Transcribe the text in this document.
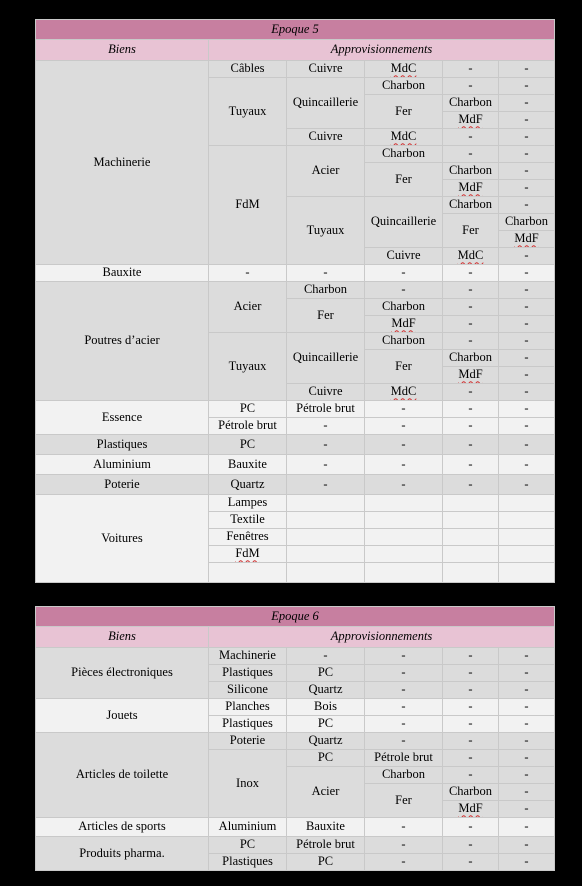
Epoque 5					
Biens	Approvisionnements				
Machinerie	Câbles	Cuivre	MdC	-	-
	Tuyaux	Quincaillerie	Charbon	-	-
			Fer	Charbon	-
				MdF	-
		Cuivre	MdC	-	-
	FdM	Acier	Charbon	-	-
			Fer	Charbon	-
				MdF	-
		Tuyaux	Quincaillerie	Charbon	-
				Fer	Charbon
					MdF
			Cuivre	MdC	-
Bauxite	-	-	-	-	-
Poutres d’acier	Acier	Charbon	-	-	-
		Fer	Charbon	-	-
			MdF	-	-
	Tuyaux	Quincaillerie	Charbon	-	-
			Fer	Charbon	-
				MdF	-
		Cuivre	MdC	-	-
Essence	PC	Pétrole brut	-	-	-
	Pétrole brut	-	-	-	-
Plastiques	PC	-	-	-	-
Aluminium	Bauxite	-	-	-	-
Poterie	Quartz	-	-	-	-
Voitures	Lampes				
	Textile				
	Fenêtres				
	FdM				

Epoque 6					
Biens	Approvisionnements				
Pièces électroniques	Machinerie	-	-	-	-
	Plastiques	PC	-	-	-
	Silicone	Quartz	-	-	-
Jouets	Planches	Bois	-	-	-
	Plastiques	PC	-	-	-
Articles de toilette	Poterie	Quartz	-	-	-
	Inox	PC	Pétrole brut	-	-
		Acier	Charbon	-	-
			Fer	Charbon	-
				MdF	-
Articles de sports	Aluminium	Bauxite	-	-	-
Produits pharma.	PC	Pétrole brut	-	-	-
	Plastiques	PC	-	-	-
